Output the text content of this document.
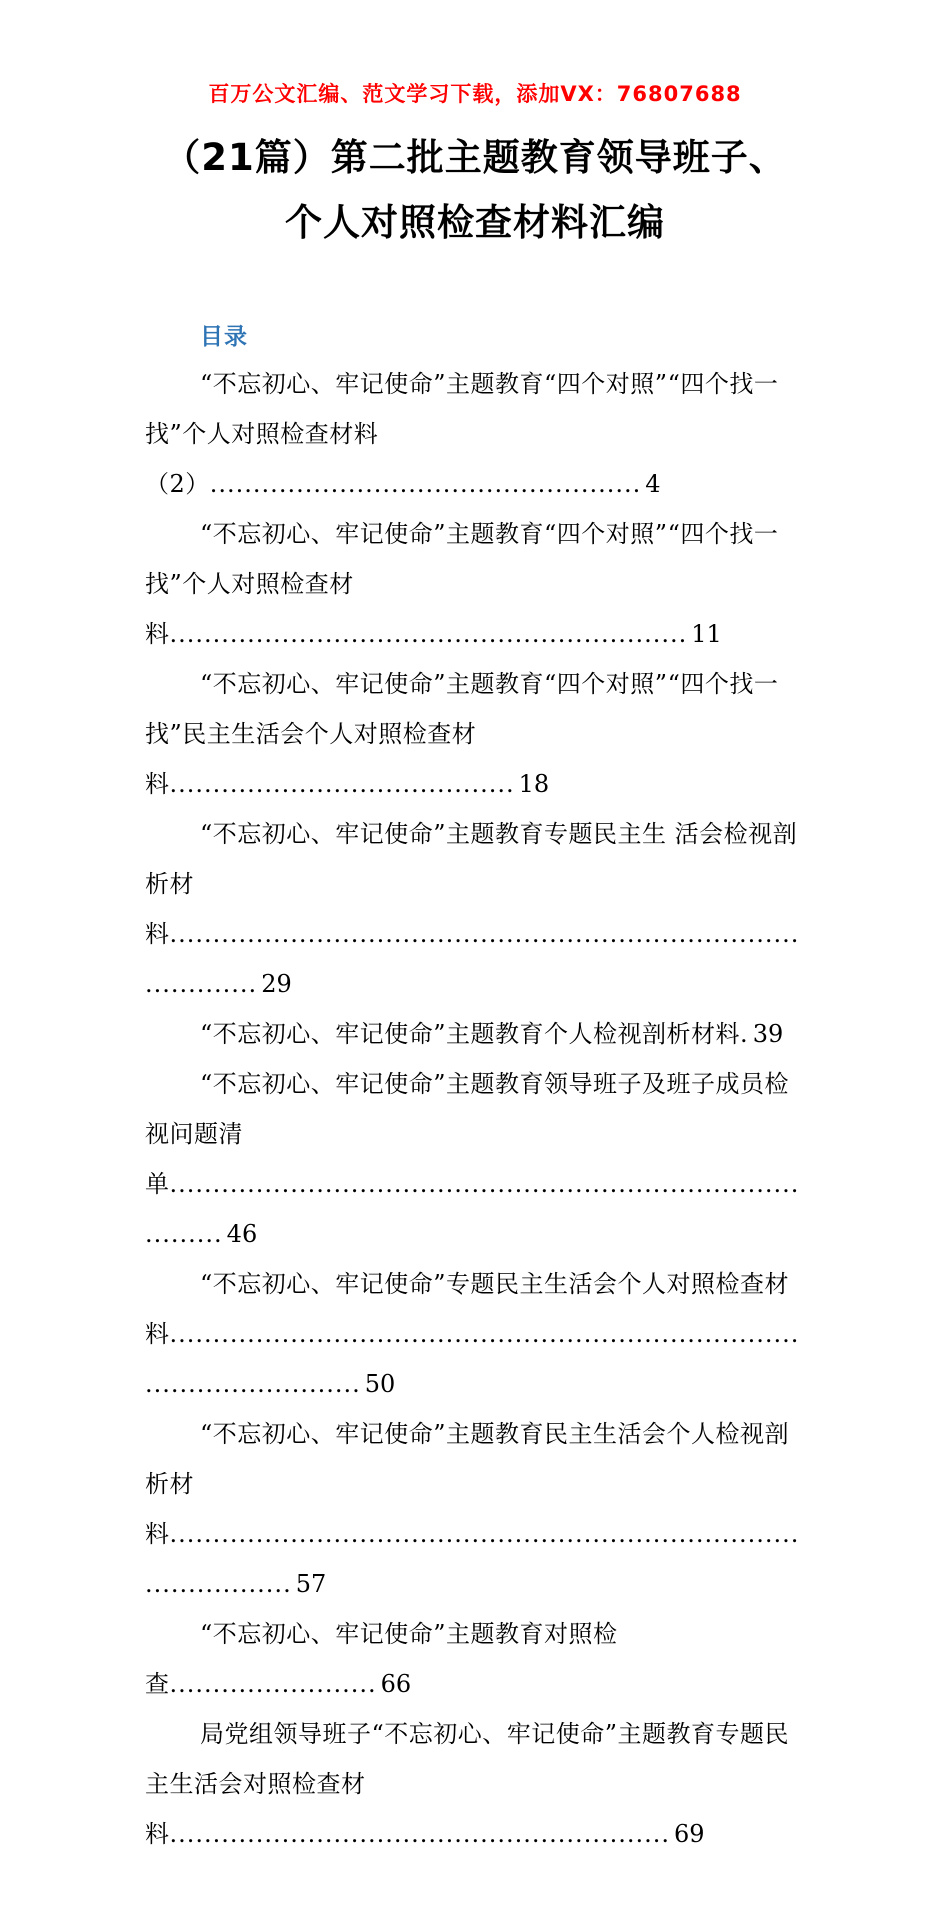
百万公文汇编、范文学习下载，添加VX：76807688
（21篇）第二批主题教育领导班子、个人对照检查材料汇编
目录

“不忘初心、牢记使命”主题教育“四个对照”“四个找一找”个人对照检查材料（2）.................................................. 4

“不忘初心、牢记使命”主题教育“四个对照”“四个找一找”个人对照检查材料............................................................ 11

“不忘初心、牢记使命”主题教育“四个对照”“四个找一找”民主生活会个人对照检查材料........................................ 18

“不忘初心、牢记使命”主题教育专题民主生 活会检视剖析材料...................................................................................... 29

“不忘初心、牢记使命”主题教育个人检视剖析材料. 39

“不忘初心、牢记使命”主题教育领导班子及班子成员检视问题清单.................................................................................. 46

“不忘初心、牢记使命”专题民主生活会个人对照检查材料.................................................................................................. 50

“不忘初心、牢记使命”主题教育民主生活会个人检视剖析材料.......................................................................................... 57

“不忘初心、牢记使命”主题教育对照检查........................ 66

局党组领导班子“不忘初心、牢记使命”主题教育专题民主生活会对照检查材料.......................................................... 69
